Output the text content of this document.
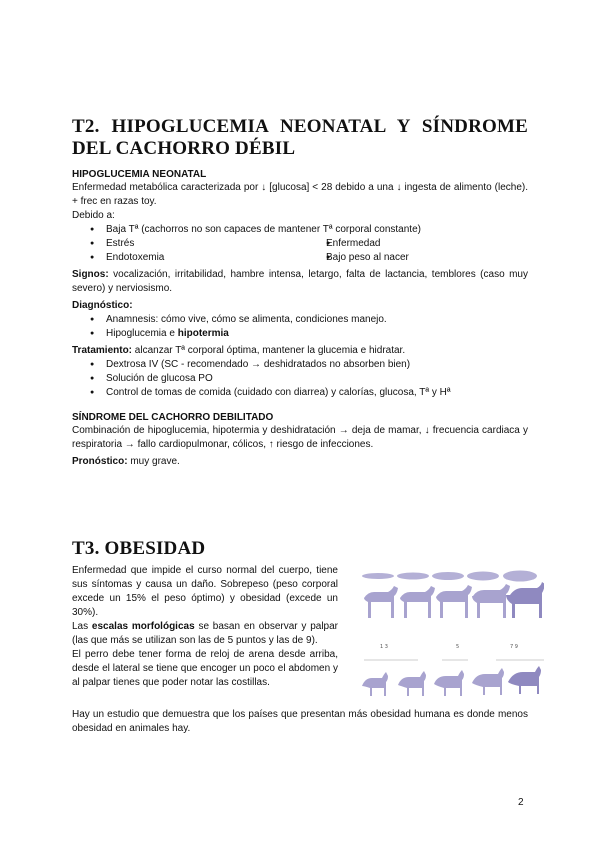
T2. HIPOGLUCEMIA NEONATAL Y SÍNDROME
DEL CACHORRO DÉBIL

HIPOGLUCEMIA NEONATAL

Enfermedad metabólica caracterizada por ↓ [glucosa] < 28 debido a una ↓ ingesta de alimento (leche). + frec en razas toy.

Debido a:

● Baja Tª (cachorros no son capaces de mantener Tª corporal constante)
● Estrés	● Enfermedad
● Endotoxemia	● Bajo peso al nacer

Signos: vocalización, irritabilidad, hambre intensa, letargo, falta de lactancia, temblores (caso muy severo) y nerviosismo.

Diagnóstico:

● Anamnesis: cómo vive, cómo se alimenta, condiciones manejo.
● Hipoglucemia e hipotermia

Tratamiento: alcanzar Tª corporal óptima, mantener la glucemia e hidratar.

● Dextrosa IV (SC - recomendado → deshidratados no absorben bien)
● Solución de glucosa PO
● Control de tomas de comida (cuidado con diarrea) y calorías, glucosa, Tª y Hª

SÍNDROME DEL CACHORRO DEBILITADO

Combinación de hipoglucemia, hipotermia y deshidratación → deja de mamar, ↓ frecuencia cardiaca y respiratoria → fallo cardiopulmonar, cólicos, ↑ riesgo de infecciones.

Pronóstico: muy grave.

T3. OBESIDAD

Enfermedad que impide el curso normal del cuerpo, tiene sus síntomas y causa un daño. Sobrepeso (peso corporal excede un 15% el peso óptimo) y obesidad (excede un 30%).

Las escalas morfológicas se basan en observar y palpar (las que más se utilizan son las de 5 puntos y las de 9).

El perro debe tener forma de reloj de arena desde arriba, desde el lateral se tiene que encoger un poco el abdomen y al palpar tienes que poder notar las costillas.

1 3	5	7 9

Hay un estudio que demuestra que los países que presentan más obesidad humana es donde menos obesidad en animales hay.

2
